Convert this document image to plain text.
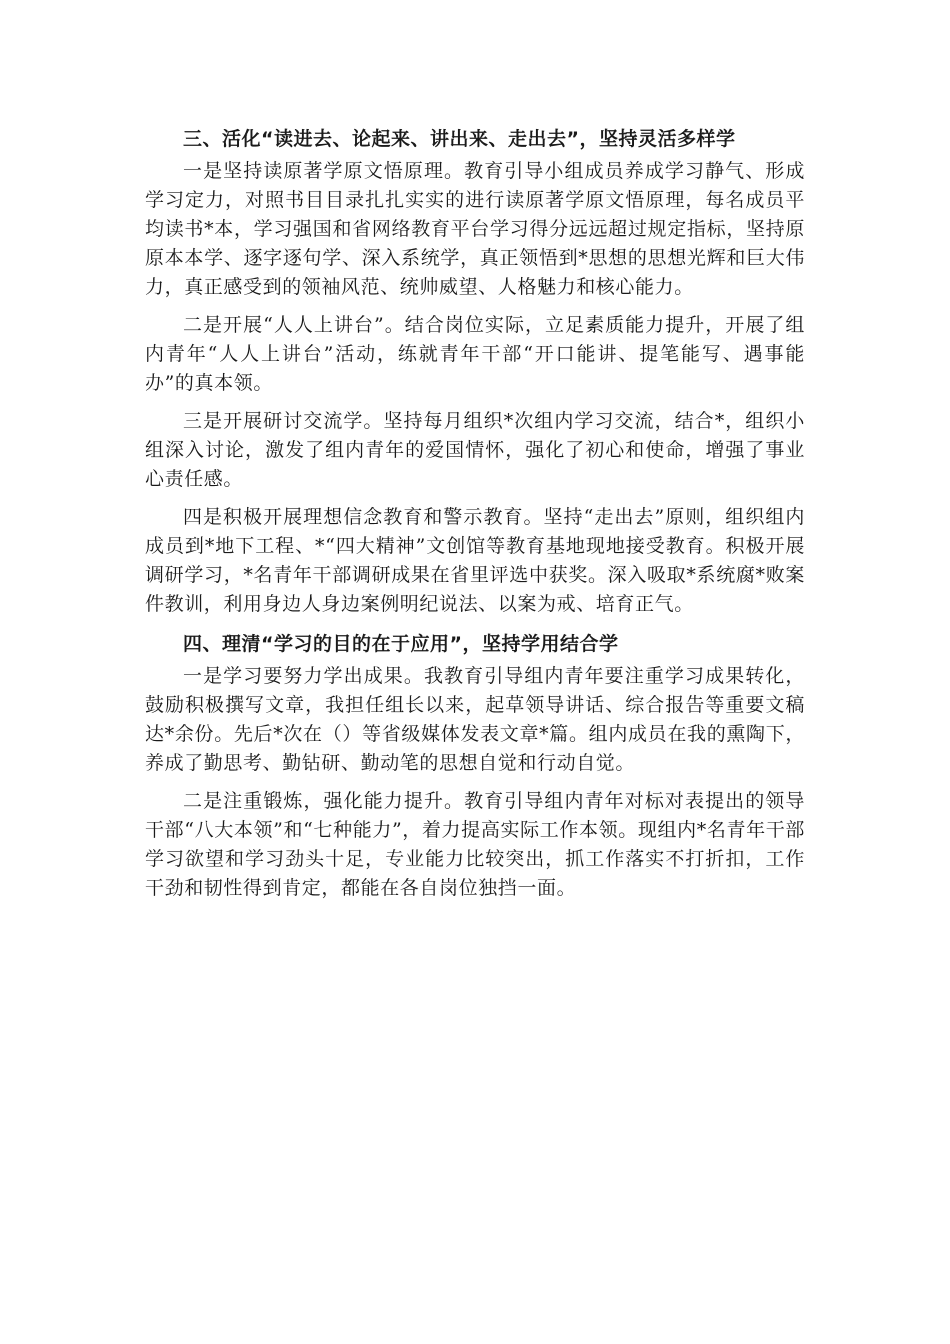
三、活化“读进去、论起来、讲出来、走出去”，坚持灵活多样学

一是坚持读原著学原文悟原理。教育引导小组成员养成学习静气、形成学习定力，对照书目目录扎扎实实的进行读原著学原文悟原理，每名成员平均读书*本，学习强国和省网络教育平台学习得分远远超过规定指标，坚持原原本本学、逐字逐句学、深入系统学，真正领悟到*思想的思想光辉和巨大伟力，真正感受到的领袖风范、统帅威望、人格魅力和核心能力。

二是开展“人人上讲台”。结合岗位实际，立足素质能力提升，开展了组内青年“人人上讲台”活动，练就青年干部“开口能讲、提笔能写、遇事能办”的真本领。

三是开展研讨交流学。坚持每月组织*次组内学习交流，结合*，组织小组深入讨论，激发了组内青年的爱国情怀，强化了初心和使命，增强了事业心责任感。

四是积极开展理想信念教育和警示教育。坚持“走出去”原则，组织组内成员到*地下工程、*“四大精神”文创馆等教育基地现地接受教育。积极开展调研学习，*名青年干部调研成果在省里评选中获奖。深入吸取*系统腐*败案件教训，利用身边人身边案例明纪说法、以案为戒、培育正气。

四、理清“学习的目的在于应用”，坚持学用结合学

一是学习要努力学出成果。我教育引导组内青年要注重学习成果转化，鼓励积极撰写文章，我担任组长以来，起草领导讲话、综合报告等重要文稿达*余份。先后*次在（）等省级媒体发表文章*篇。组内成员在我的熏陶下，养成了勤思考、勤钻研、勤动笔的思想自觉和行动自觉。

二是注重锻炼，强化能力提升。教育引导组内青年对标对表提出的领导干部“八大本领”和“七种能力”，着力提高实际工作本领。现组内*名青年干部学习欲望和学习劲头十足，专业能力比较突出，抓工作落实不打折扣，工作干劲和韧性得到肯定，都能在各自岗位独挡一面。
